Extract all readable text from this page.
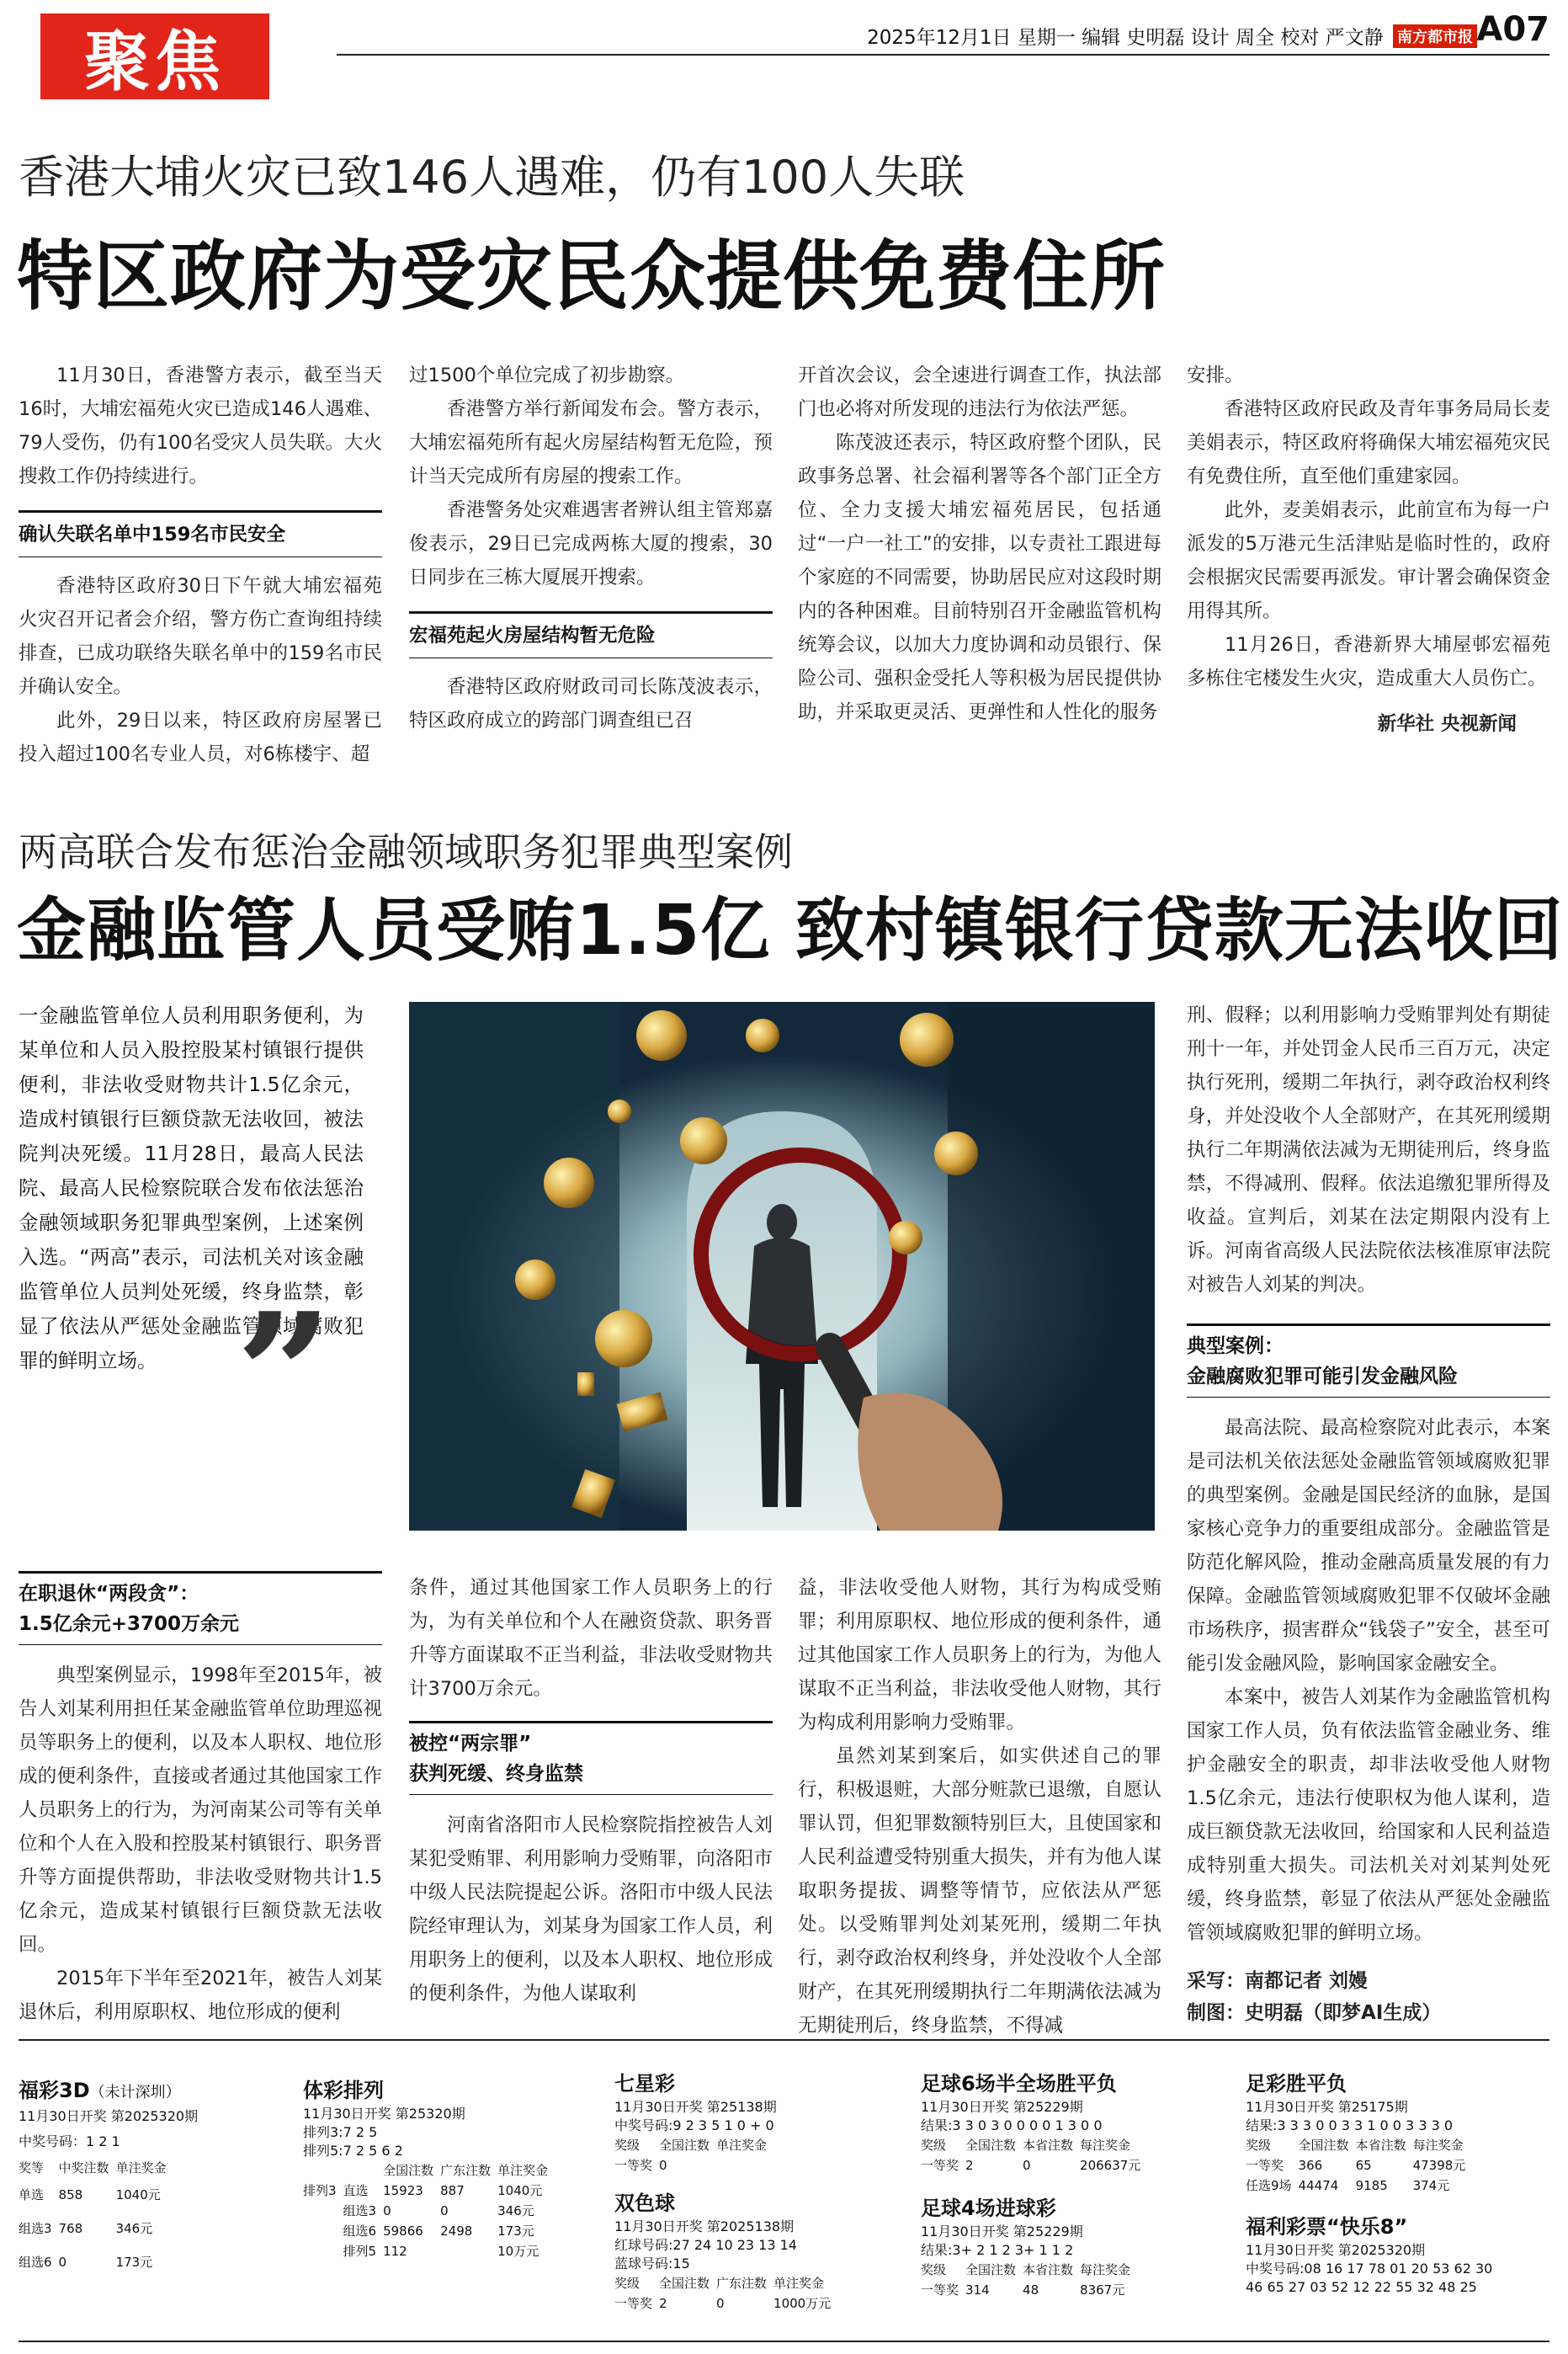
聚焦	2025年12月1日 星期一 编辑 史明磊 设计 周全 校对 严文静 南方都市报 A07
香港大埔火灾已致146人遇难，仍有100人失联
特区政府为受灾民众提供免费住所

11月30日，香港警方表示，截至当天16时，大埔宏福苑火灾已造成146人遇难、79人受伤，仍有100名受灾人员失联。大火搜救工作仍持续进行。

确认失联名单中159名市民安全

香港特区政府30日下午就大埔宏福苑火灾召开记者会介绍，警方伤亡查询组持续排查，已成功联络失联名单中的159名市民并确认安全。

此外，29日以来，特区政府房屋署已投入超过100名专业人员，对6栋楼宇、超

过1500个单位完成了初步勘察。

香港警方举行新闻发布会。警方表示，大埔宏福苑所有起火房屋结构暂无危险，预计当天完成所有房屋的搜索工作。

香港警务处灾难遇害者辨认组主管郑嘉俊表示，29日已完成两栋大厦的搜索，30日同步在三栋大厦展开搜索。

宏福苑起火房屋结构暂无危险

香港特区政府财政司司长陈茂波表示，特区政府成立的跨部门调查组已召

开首次会议，会全速进行调查工作，执法部门也必将对所发现的违法行为依法严惩。

陈茂波还表示，特区政府整个团队，民政事务总署、社会福利署等各个部门正全方位、全力支援大埔宏福苑居民，包括通过“一户一社工”的安排，以专责社工跟进每个家庭的不同需要，协助居民应对这段时期内的各种困难。目前特别召开金融监管机构统筹会议，以加大力度协调和动员银行、保险公司、强积金受托人等积极为居民提供协助，并采取更灵活、更弹性和人性化的服务

安排。

香港特区政府民政及青年事务局局长麦美娟表示，特区政府将确保大埔宏福苑灾民有免费住所，直至他们重建家园。

此外，麦美娟表示，此前宣布为每一户派发的5万港元生活津贴是临时性的，政府会根据灾民需要再派发。审计署会确保资金用得其所。

11月26日，香港新界大埔屋邨宏福苑多栋住宅楼发生火灾，造成重大人员伤亡。

新华社 央视新闻

两高联合发布惩治金融领域职务犯罪典型案例
金融监管人员受贿1.5亿 致村镇银行贷款无法收回
一金融监管单位人员利用职务便利，为某单位和人员入股控股某村镇银行提供便利，非法收受财物共计1.5亿余元，造成村镇银行巨额贷款无法收回，被法院判决死缓。11月28日，最高人民法院、最高人民检察院联合发布依法惩治金融领域职务犯罪典型案例，上述案例入选。“两高”表示，司法机关对该金融监管单位人员判处死缓，终身监禁，彰显了依法从严惩处金融监管领域腐败犯罪的鲜明立场。 ”

刑、假释；以利用影响力受贿罪判处有期徒刑十一年，并处罚金人民币三百万元，决定执行死刑，缓期二年执行，剥夺政治权利终身，并处没收个人全部财产，在其死刑缓期执行二年期满依法减为无期徒刑后，终身监禁，不得减刑、假释。依法追缴犯罪所得及收益。宣判后，刘某在法定期限内没有上诉。河南省高级人民法院依法核准原审法院对被告人刘某的判决。

典型案例：
金融腐败犯罪可能引发金融风险

最高法院、最高检察院对此表示，本案是司法机关依法惩处金融监管领域腐败犯罪的典型案例。金融是国民经济的血脉，是国家核心竞争力的重要组成部分。金融监管是防范化解风险，推动金融高质量发展的有力保障。金融监管领域腐败犯罪不仅破坏金融市场秩序，损害群众“钱袋子”安全，甚至可能引发金融风险，影响国家金融安全。

本案中，被告人刘某作为金融监管机构国家工作人员，负有依法监管金融业务、维护金融安全的职责，却非法收受他人财物1.5亿余元，违法行使职权为他人谋利，造成巨额贷款无法收回，给国家和人民利益造成特别重大损失。司法机关对刘某判处死缓，终身监禁，彰显了依法从严惩处金融监管领域腐败犯罪的鲜明立场。

采写：南都记者 刘嫚
制图：史明磊（即梦AI生成）
在职退休“两段贪”：
1.5亿余元+3700万余元

典型案例显示，1998年至2015年，被告人刘某利用担任某金融监管单位助理巡视员等职务上的便利，以及本人职权、地位形成的便利条件，直接或者通过其他国家工作人员职务上的行为，为河南某公司等有关单位和个人在入股和控股某村镇银行、职务晋升等方面提供帮助，非法收受财物共计1.5亿余元，造成某村镇银行巨额贷款无法收回。

2015年下半年至2021年，被告人刘某退休后，利用原职权、地位形成的便利

条件，通过其他国家工作人员职务上的行为，为有关单位和个人在融资贷款、职务晋升等方面谋取不正当利益，非法收受财物共计3700万余元。

被控“两宗罪”
获判死缓、终身监禁

河南省洛阳市人民检察院指控被告人刘某犯受贿罪、利用影响力受贿罪，向洛阳市中级人民法院提起公诉。洛阳市中级人民法院经审理认为，刘某身为国家工作人员，利用职务上的便利，以及本人职权、地位形成的便利条件，为他人谋取利

益，非法收受他人财物，其行为构成受贿罪；利用原职权、地位形成的便利条件，通过其他国家工作人员职务上的行为，为他人谋取不正当利益，非法收受他人财物，其行为构成利用影响力受贿罪。

虽然刘某到案后，如实供述自己的罪行，积极退赃，大部分赃款已退缴，自愿认罪认罚，但犯罪数额特别巨大，且使国家和人民利益遭受特别重大损失，并有为他人谋取职务提拔、调整等情节，应依法从严惩处。以受贿罪判处刘某死刑，缓期二年执行，剥夺政治权利终身，并处没收个人全部财产，在其死刑缓期执行二年期满依法减为无期徒刑后，终身监禁，不得减

福彩3D（未计深圳）
11月30日开奖 第2025320期
中奖号码：1 2 1
奖等	中奖注数	单注奖金
单选	858	1040元
组选3	768	346元
组选6	0	173元
体彩排列
11月30日开奖 第25320期
排列3:7 2 5
排列5:7 2 5 6 2
		全国注数	广东注数	单注奖金
排列3	直选	15923	887	1040元
	组选3	0	0	346元
	组选6	59866	2498	173元
	排列5	112		10万元
七星彩
11月30日开奖 第25138期
中奖号码:9 2 3 5 1 0 + 0
奖级	全国注数	单注奖金
一等奖	0	
双色球
11月30日开奖 第2025138期
红球号码:27 24 10 23 13 14
蓝球号码:15
奖级	全国注数	广东注数	单注奖金
一等奖	2	0	1000万元
足球6场半全场胜平负
11月30日开奖 第25229期
结果:3 3 0 3 0 0 0 0 1 3 0 0
奖级	全国注数	本省注数	每注奖金
一等奖	2	0	206637元
足球4场进球彩
11月30日开奖 第25229期
结果:3+ 2 1 2 3+ 1 1 2
奖级	全国注数	本省注数	每注奖金
一等奖	314	48	8367元
足彩胜平负
11月30日开奖 第25175期
结果:3 3 3 0 0 3 3 1 0 0 3 3 3 0
奖级	全国注数	本省注数	每注奖金
一等奖	366	65	47398元
任选9场	44474	9185	374元
福利彩票“快乐8”
11月30日开奖 第2025320期
中奖号码:08 16 17 78 01 20 53 62 30
46 65 27 03 52 12 22 55 32 48 25
